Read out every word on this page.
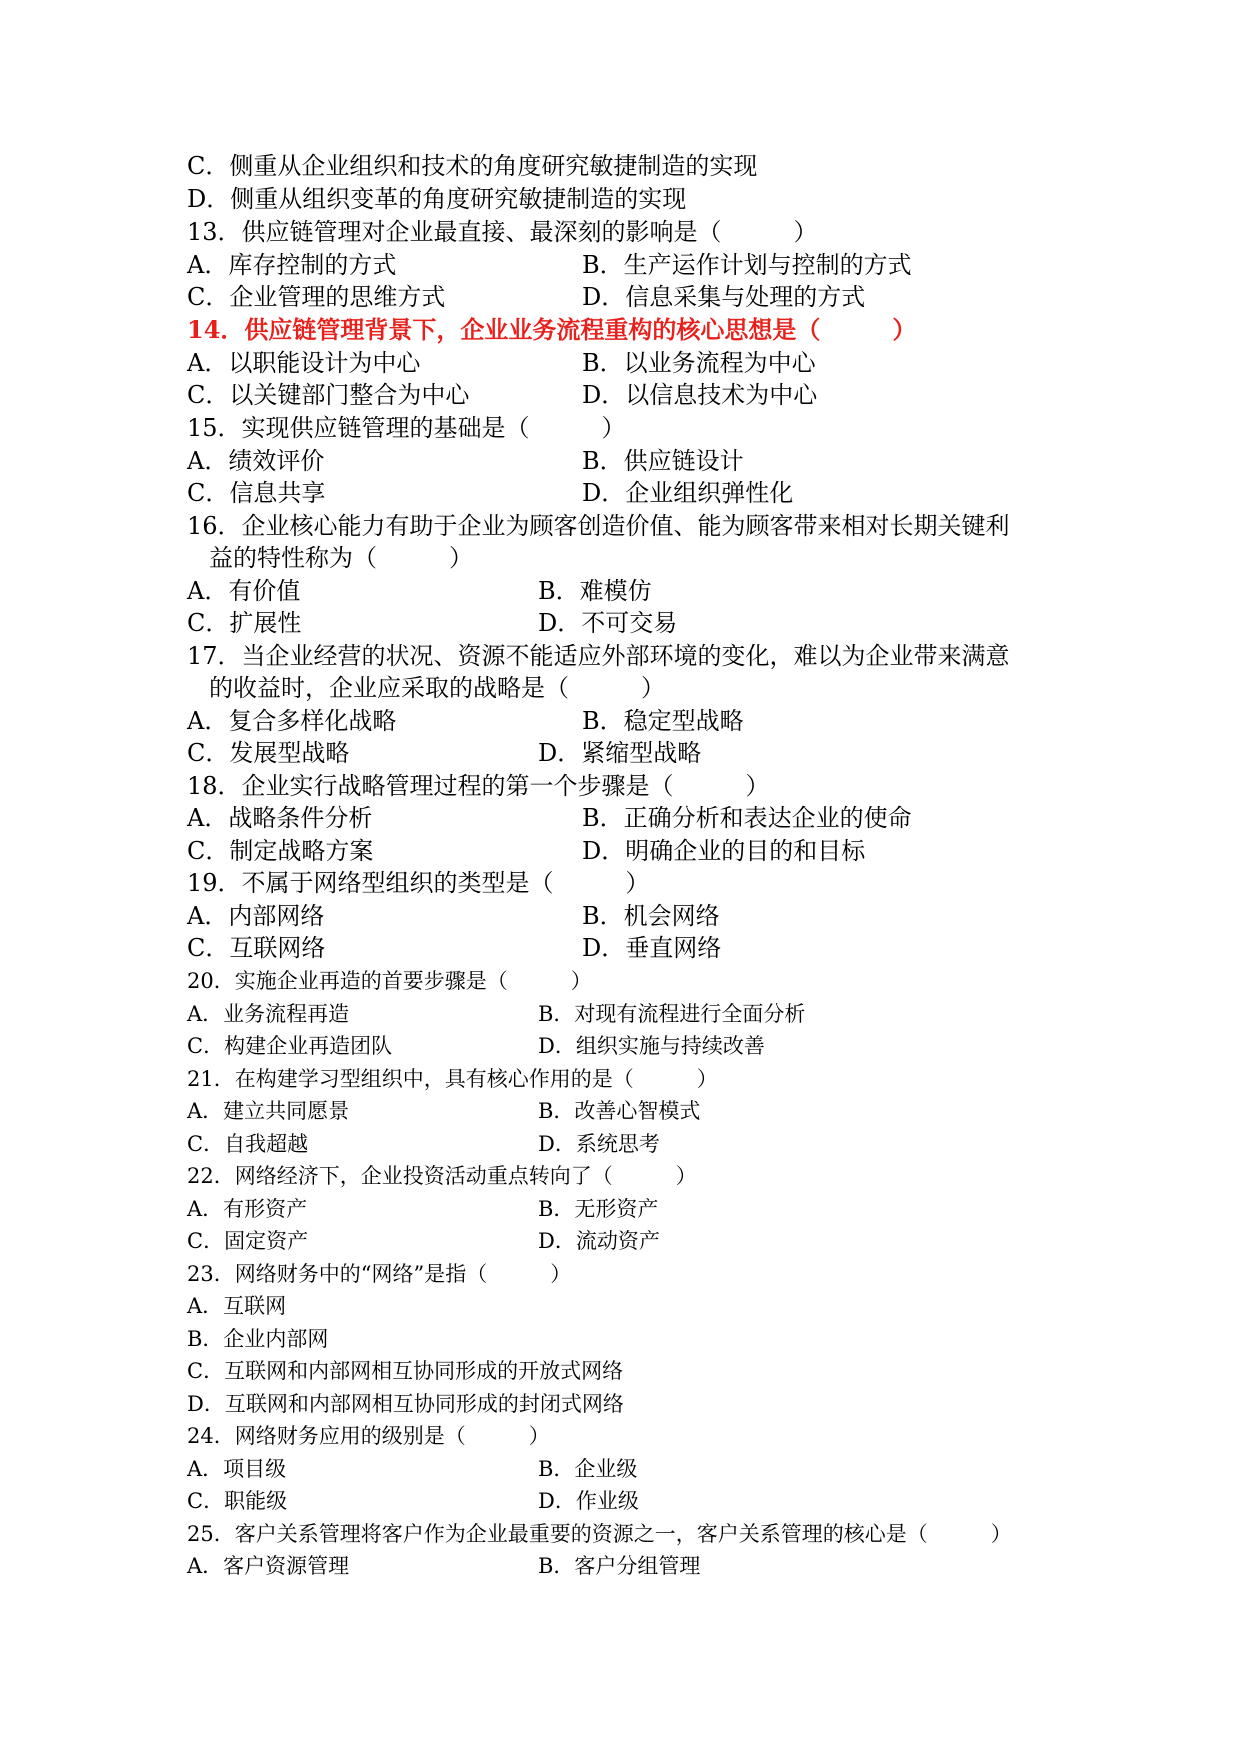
C．侧重从企业组织和技术的角度研究敏捷制造的实现
D．侧重从组织变革的角度研究敏捷制造的实现
13．供应链管理对企业最直接、最深刻的影响是（　　　）
A．库存控制的方式	B．生产运作计划与控制的方式
C．企业管理的思维方式	D．信息采集与处理的方式
14．供应链管理背景下，企业业务流程重构的核心思想是（　　　）
A．以职能设计为中心	B．以业务流程为中心
C．以关键部门整合为中心	D．以信息技术为中心
15．实现供应链管理的基础是（　　　）
A．绩效评价	B．供应链设计
C．信息共享	D．企业组织弹性化
16．企业核心能力有助于企业为顾客创造价值、能为顾客带来相对长期关键利
益的特性称为（　　　）
A．有价值	B．难模仿
C．扩展性	D．不可交易
17．当企业经营的状况、资源不能适应外部环境的变化，难以为企业带来满意
的收益时，企业应采取的战略是（　　　）
A．复合多样化战略	B．稳定型战略
C．发展型战略	D．紧缩型战略
18．企业实行战略管理过程的第一个步骤是（　　　）
A．战略条件分析	B．正确分析和表达企业的使命
C．制定战略方案	D．明确企业的目的和目标
19．不属于网络型组织的类型是（　　　）
A．内部网络	B．机会网络
C．互联网络	D．垂直网络
20．实施企业再造的首要步骤是（　　　）
A．业务流程再造	B．对现有流程进行全面分析
C．构建企业再造团队	D．组织实施与持续改善
21．在构建学习型组织中，具有核心作用的是（　　　）
A．建立共同愿景	B．改善心智模式
C．自我超越	D．系统思考
22．网络经济下，企业投资活动重点转向了（　　　）
A．有形资产	B．无形资产
C．固定资产	D．流动资产
23．网络财务中的“网络”是指（　　　）
A．互联网
B．企业内部网
C．互联网和内部网相互协同形成的开放式网络
D．互联网和内部网相互协同形成的封闭式网络
24．网络财务应用的级别是（　　　）
A．项目级	B．企业级
C．职能级	D．作业级
25．客户关系管理将客户作为企业最重要的资源之一，客户关系管理的核心是（　　　）
A．客户资源管理	B．客户分组管理
